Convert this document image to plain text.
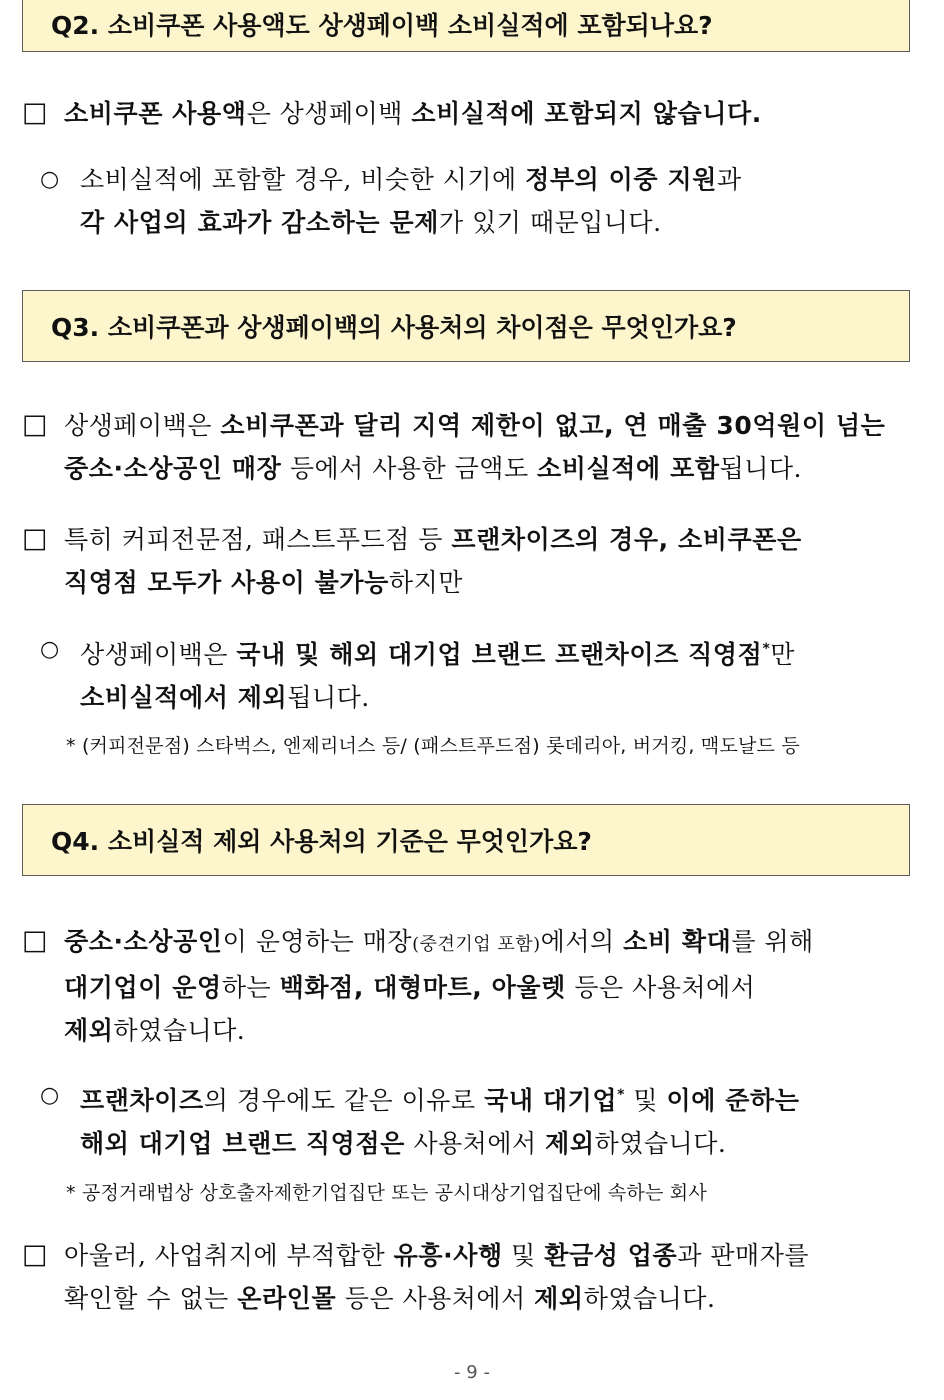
Q2. 소비쿠폰 사용액도 상생페이백 소비실적에 포함되나요?
□ 소비쿠폰 사용액은 상생페이백 소비실적에 포함되지 않습니다.
○ 소비실적에 포함할 경우, 비슷한 시기에 정부의 이중 지원과
각 사업의 효과가 감소하는 문제가 있기 때문입니다.
Q3. 소비쿠폰과 상생페이백의 사용처의 차이점은 무엇인가요?
□ 상생페이백은 소비쿠폰과 달리 지역 제한이 없고, 연 매출 30억원이 넘는
중소·소상공인 매장 등에서 사용한 금액도 소비실적에 포함됩니다.
□ 특히 커피전문점, 패스트푸드점 등 프랜차이즈의 경우, 소비쿠폰은
직영점 모두가 사용이 불가능하지만
○ 상생페이백은 국내 및 해외 대기업 브랜드 프랜차이즈 직영점*만
소비실적에서 제외됩니다.
* (커피전문점) 스타벅스, 엔제리너스 등/ (패스트푸드점) 롯데리아, 버거킹, 맥도날드 등
Q4. 소비실적 제외 사용처의 기준은 무엇인가요?
□ 중소·소상공인이 운영하는 매장(중견기업 포함)에서의 소비 확대를 위해
대기업이 운영하는 백화점, 대형마트, 아울렛 등은 사용처에서
제외하였습니다.
○ 프랜차이즈의 경우에도 같은 이유로 국내 대기업* 및 이에 준하는
해외 대기업 브랜드 직영점은 사용처에서 제외하였습니다.
* 공정거래법상 상호출자제한기업집단 또는 공시대상기업집단에 속하는 회사
□ 아울러, 사업취지에 부적합한 유흥·사행 및 환금성 업종과 판매자를
확인할 수 없는 온라인몰 등은 사용처에서 제외하였습니다.
- 9 -
